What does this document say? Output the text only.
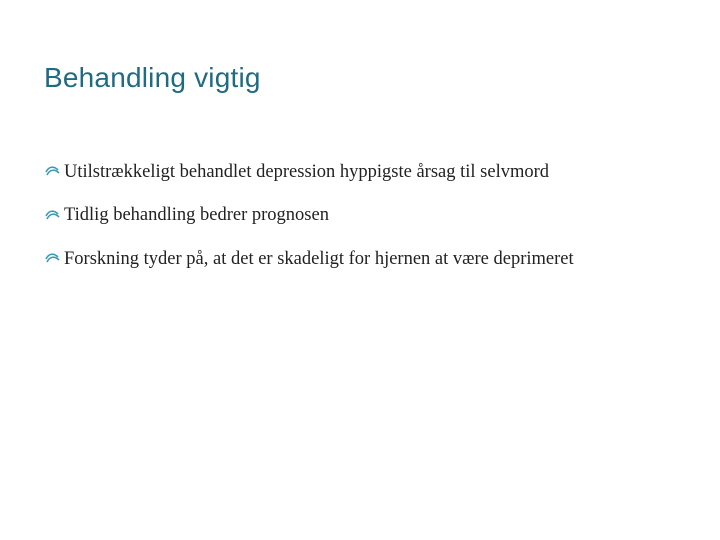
Behandling vigtig
Utilstrækkeligt behandlet depression hyppigste årsag til selvmord
Tidlig behandling bedrer prognosen
Forskning tyder på, at det er skadeligt for hjernen at være deprimeret
